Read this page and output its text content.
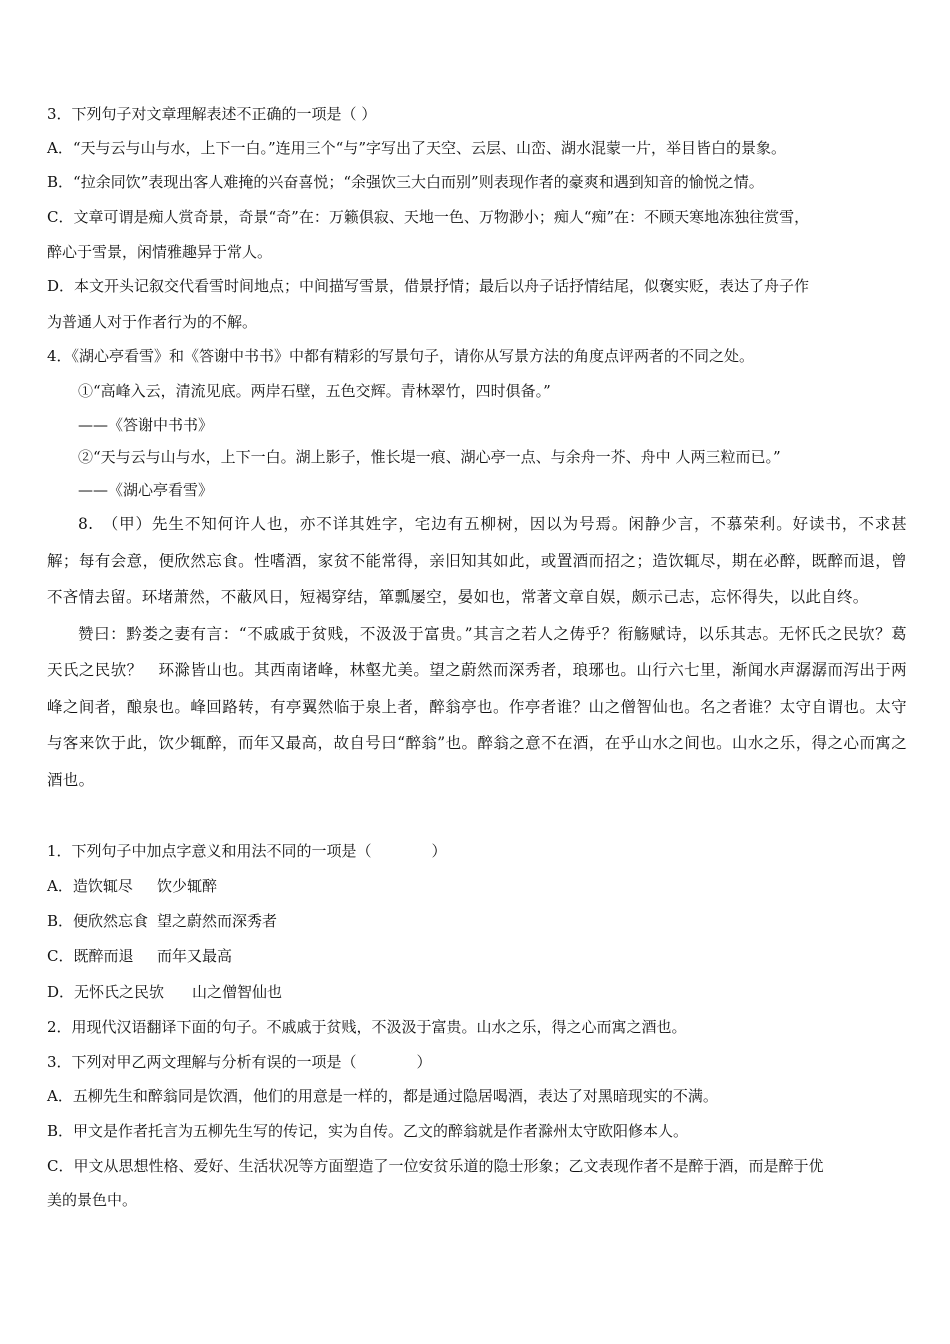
3．下列句子对文章理解表述不正确的一项是（ ）
A．“天与云与山与水，上下一白。”连用三个“与”字写出了天空、云层、山峦、湖水混蒙一片，举目皆白的景象。
B．“拉余同饮”表现出客人难掩的兴奋喜悦；“余强饮三大白而别”则表现作者的豪爽和遇到知音的愉悦之情。
C．文章可谓是痴人赏奇景，奇景“奇”在：万籁俱寂、天地一色、万物渺小；痴人“痴”在：不顾天寒地冻独往赏雪，
醉心于雪景，闲情雅趣异于常人。
D．本文开头记叙交代看雪时间地点；中间描写雪景，借景抒情；最后以舟子话抒情结尾，似褒实贬，表达了舟子作
为普通人对于作者行为的不解。
4．《湖心亭看雪》和《答谢中书书》中都有精彩的写景句子，请你从写景方法的角度点评两者的不同之处。
①“高峰入云，清流见底。两岸石壁，五色交辉。青林翠竹，四时俱备。”
——《答谢中书书》
②“天与云与山与水，上下一白。湖上影子，惟长堤一痕、湖心亭一点、与余舟一芥、舟中 人两三粒而已。”
——《湖心亭看雪》

8.　（甲）先生不知何许人也，亦不详其姓字，宅边有五柳树，因以为号焉。闲静少言，不慕荣利。好读书，不求甚解；每有会意，便欣然忘食。性嗜酒，家贫不能常得，亲旧知其如此，或置酒而招之；造饮辄尽，期在必醉，既醉而退，曾不吝情去留。环堵萧然，不蔽风日，短褐穿结，箪瓢屡空，晏如也，常著文章自娱，颇示己志，忘怀得失，以此自终。

赞曰：黔娄之妻有言：“不戚戚于贫贱，不汲汲于富贵。”其言之若人之俦乎？衔觞赋诗，以乐其志。无怀氏之民欤？葛天氏之民欤？　环滁皆山也。其西南诸峰，林壑尤美。望之蔚然而深秀者，琅琊也。山行六七里，渐闻水声潺潺而泻出于两峰之间者，酿泉也。峰回路转，有亭翼然临于泉上者，醉翁亭也。作亭者谁？山之僧智仙也。名之者谁？太守自谓也。太守与客来饮于此，饮少辄醉，而年又最高，故自号曰“醉翁”也。醉翁之意不在酒，在乎山水之间也。山水之乐，得之心而寓之酒也。

1．下列句子中加点字意义和用法不同的一项是（　　　　）
A．造饮辄尽 饮少辄醉
B．便欣然忘食 望之蔚然而深秀者
C．既醉而退 而年又最高
D．无怀氏之民欤 山之僧智仙也
2．用现代汉语翻译下面的句子。不戚戚于贫贱，不汲汲于富贵。山水之乐，得之心而寓之酒也。
3．下列对甲乙两文理解与分析有误的一项是（　　　　）
A．五柳先生和醉翁同是饮酒，他们的用意是一样的，都是通过隐居喝酒，表达了对黑暗现实的不满。
B．甲文是作者托言为五柳先生写的传记，实为自传。乙文的醉翁就是作者滁州太守欧阳修本人。
C．甲文从思想性格、爱好、生活状况等方面塑造了一位安贫乐道的隐士形象；乙文表现作者不是醉于酒，而是醉于优
美的景色中。
